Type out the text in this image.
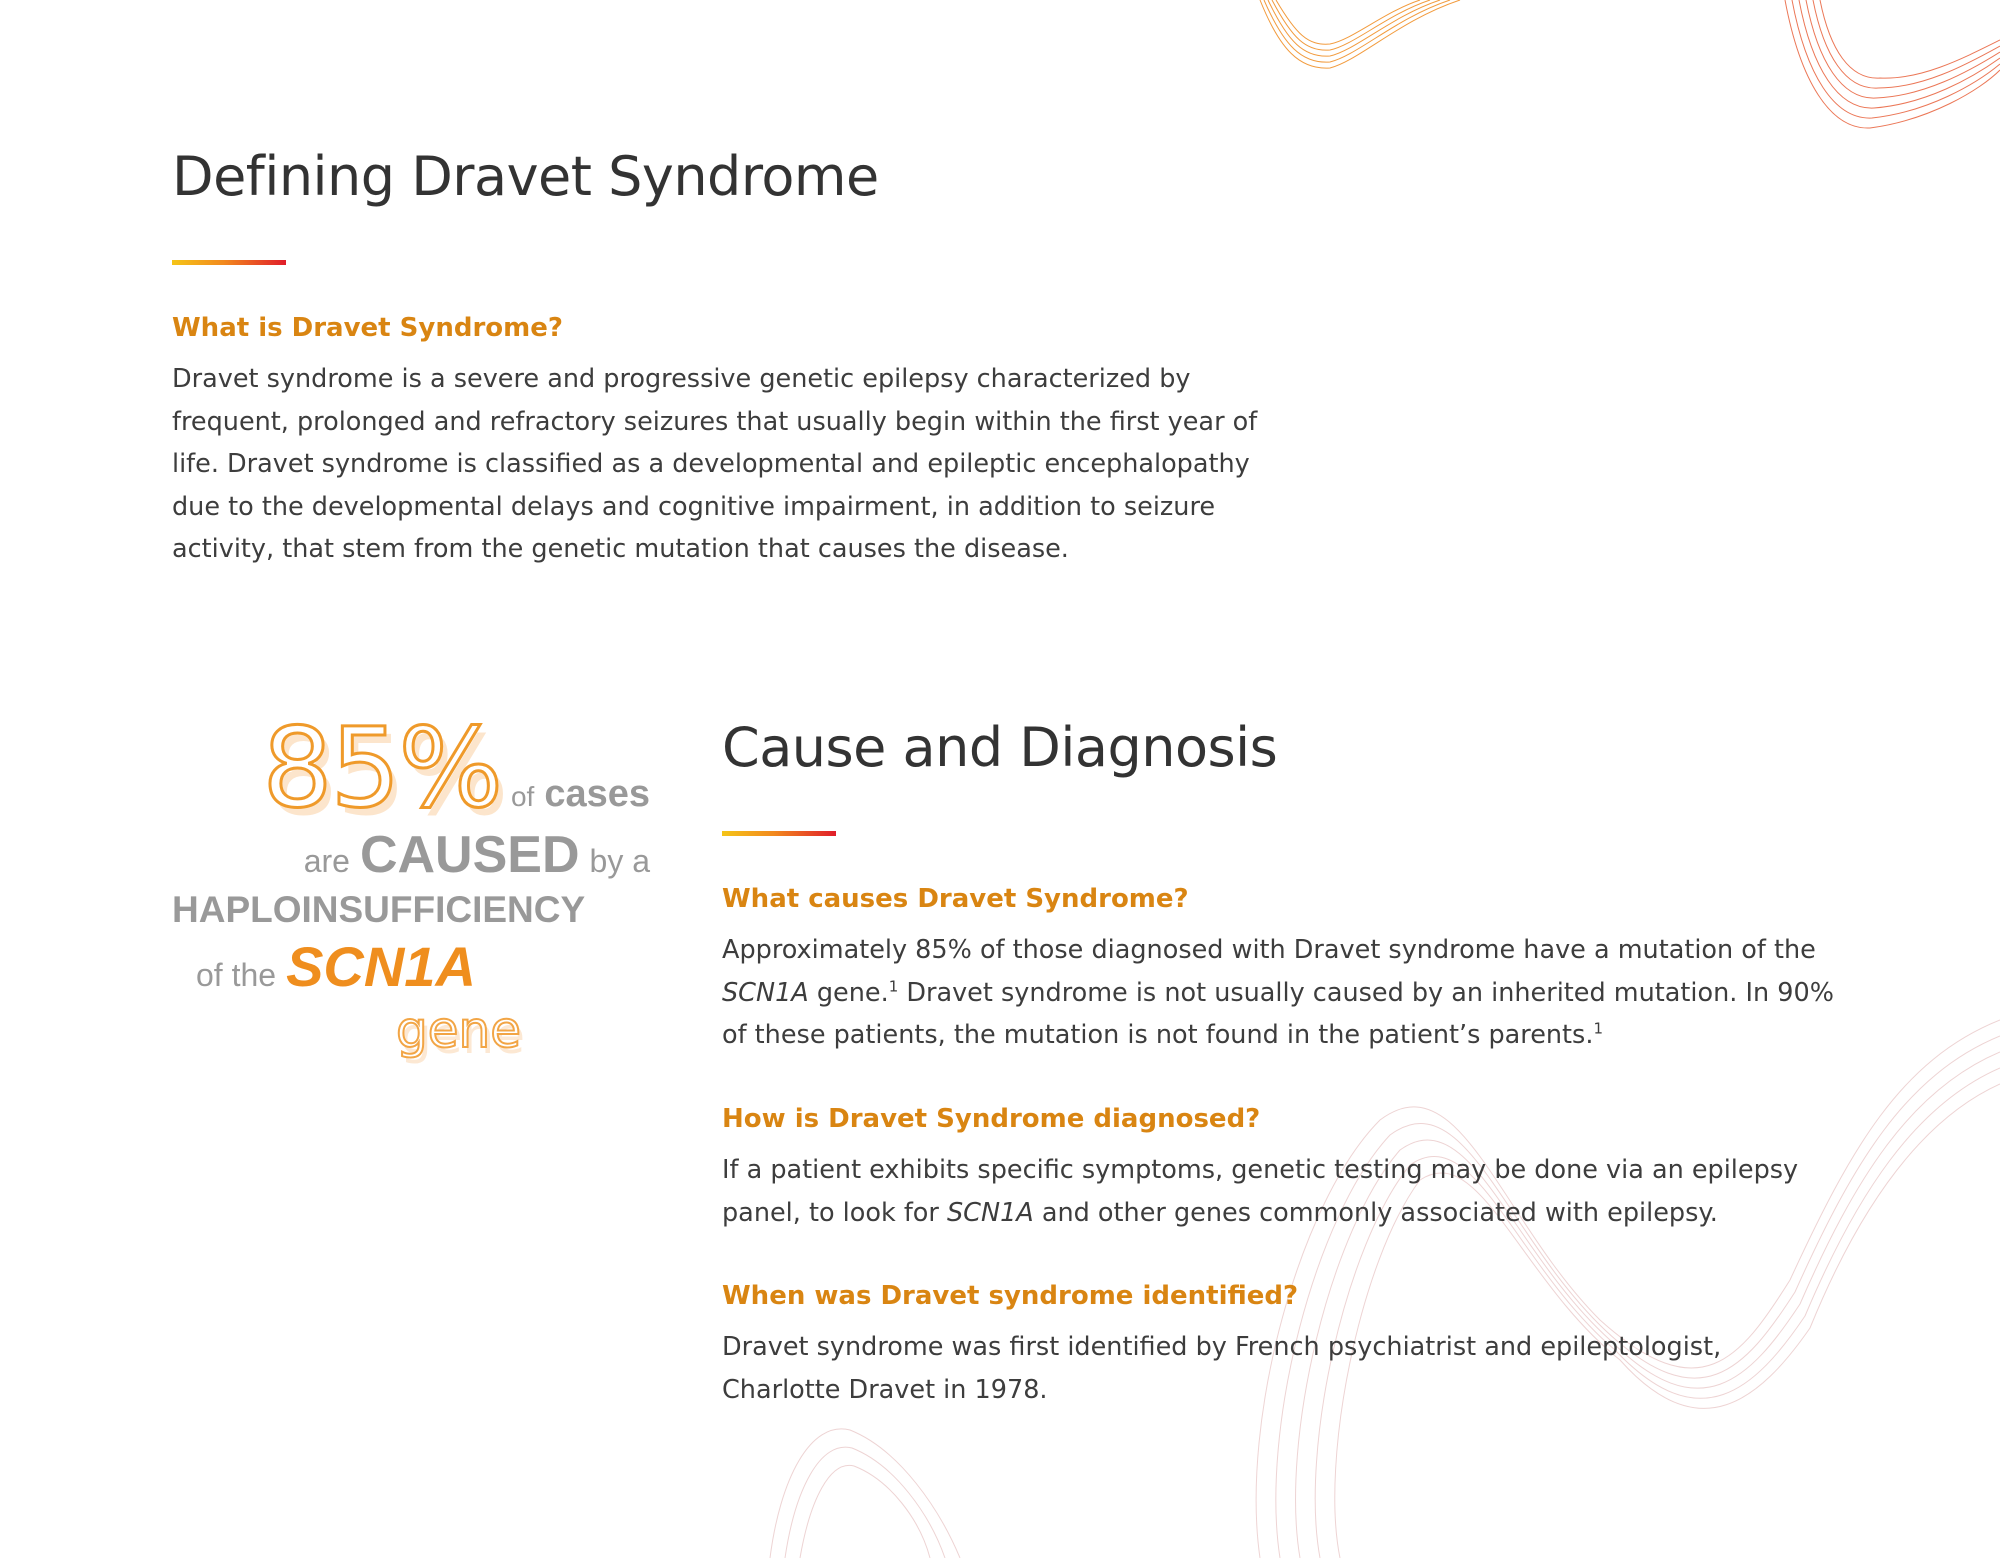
Defining Dravet Syndrome
What is Dravet Syndrome?

Dravet syndrome is a severe and progressive genetic epilepsy characterized by frequent, prolonged and refractory seizures that usually begin within the first year of life. Dravet syndrome is classified as a developmental and epileptic encephalopathy due to the developmental delays and cognitive impairment, in addition to seizure activity, that stem from the genetic mutation that causes the disease.

85% of cases
are CAUSED by a
HAPLOINSUFFICIENCY
of the SCN1A
gene
Cause and Diagnosis
What causes Dravet Syndrome?

Approximately 85% of those diagnosed with Dravet syndrome have a mutation of the SCN1A gene.$^1$ Dravet syndrome is not usually caused by an inherited mutation. In 90% of these patients, the mutation is not found in the patient’s parents.$^1$

How is Dravet Syndrome diagnosed?

If a patient exhibits specific symptoms, genetic testing may be done via an epilepsy panel, to look for SCN1A and other genes commonly associated with epilepsy.

When was Dravet syndrome identified?

Dravet syndrome was first identified by French psychiatrist and epileptologist, Charlotte Dravet in 1978.
